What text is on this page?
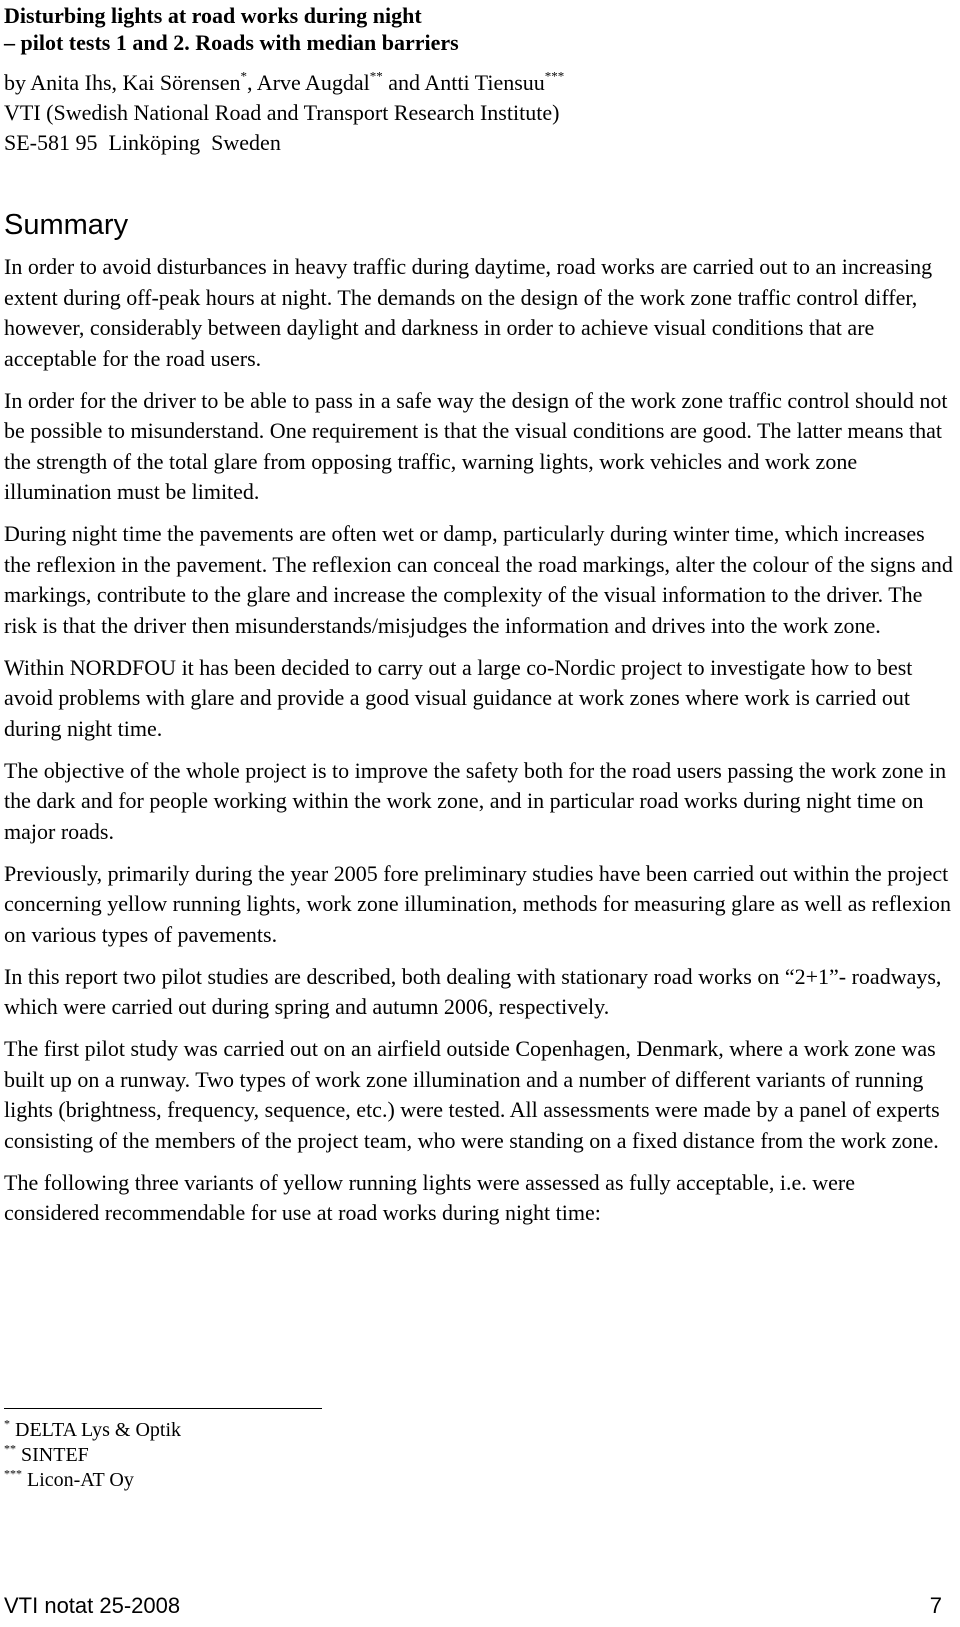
Disturbing lights at road works during night
– pilot tests 1 and 2. Roads with median barriers
by Anita Ihs, Kai Sörensen*, Arve Augdal** and Antti Tiensuu***
VTI (Swedish National Road and Transport Research Institute)
SE-581 95  Linköping  Sweden
Summary

In order to avoid disturbances in heavy traffic during daytime, road works are carried out to an increasing extent during off-peak hours at night. The demands on the design of the work zone traffic control differ, however, considerably between daylight and darkness in order to achieve visual conditions that are acceptable for the road users.

In order for the driver to be able to pass in a safe way the design of the work zone traffic control should not be possible to misunderstand. One requirement is that the visual conditions are good. The latter means that the strength of the total glare from opposing traffic, warning lights, work vehicles and work zone illumination must be limited.

During night time the pavements are often wet or damp, particularly during winter time, which increases the reflexion in the pavement. The reflexion can conceal the road markings, alter the colour of the signs and markings, contribute to the glare and increase the complexity of the visual information to the driver. The risk is that the driver then misunderstands/misjudges the information and drives into the work zone.

Within NORDFOU it has been decided to carry out a large co-Nordic project to investigate how to best avoid problems with glare and provide a good visual guidance at work zones where work is carried out during night time.

The objective of the whole project is to improve the safety both for the road users passing the work zone in the dark and for people working within the work zone, and in particular road works during night time on major roads.

Previously, primarily during the year 2005 fore preliminary studies have been carried out within the project concerning yellow running lights, work zone illumination, methods for measuring glare as well as reflexion on various types of pavements.

In this report two pilot studies are described, both dealing with stationary road works on “2+1”- roadways, which were carried out during spring and autumn 2006, respectively.

The first pilot study was carried out on an airfield outside Copenhagen, Denmark, where a work zone was built up on a runway. Two types of work zone illumination and a number of different variants of running lights (brightness, frequency, sequence, etc.) were tested. All assessments were made by a panel of experts consisting of the members of the project team, who were standing on a fixed distance from the work zone.

The following three variants of yellow running lights were assessed as fully acceptable, i.e. were considered recommendable for use at road works during night time:

* DELTA Lys & Optik
** SINTEF
*** Licon-AT Oy
VTI notat 25-2008	7
